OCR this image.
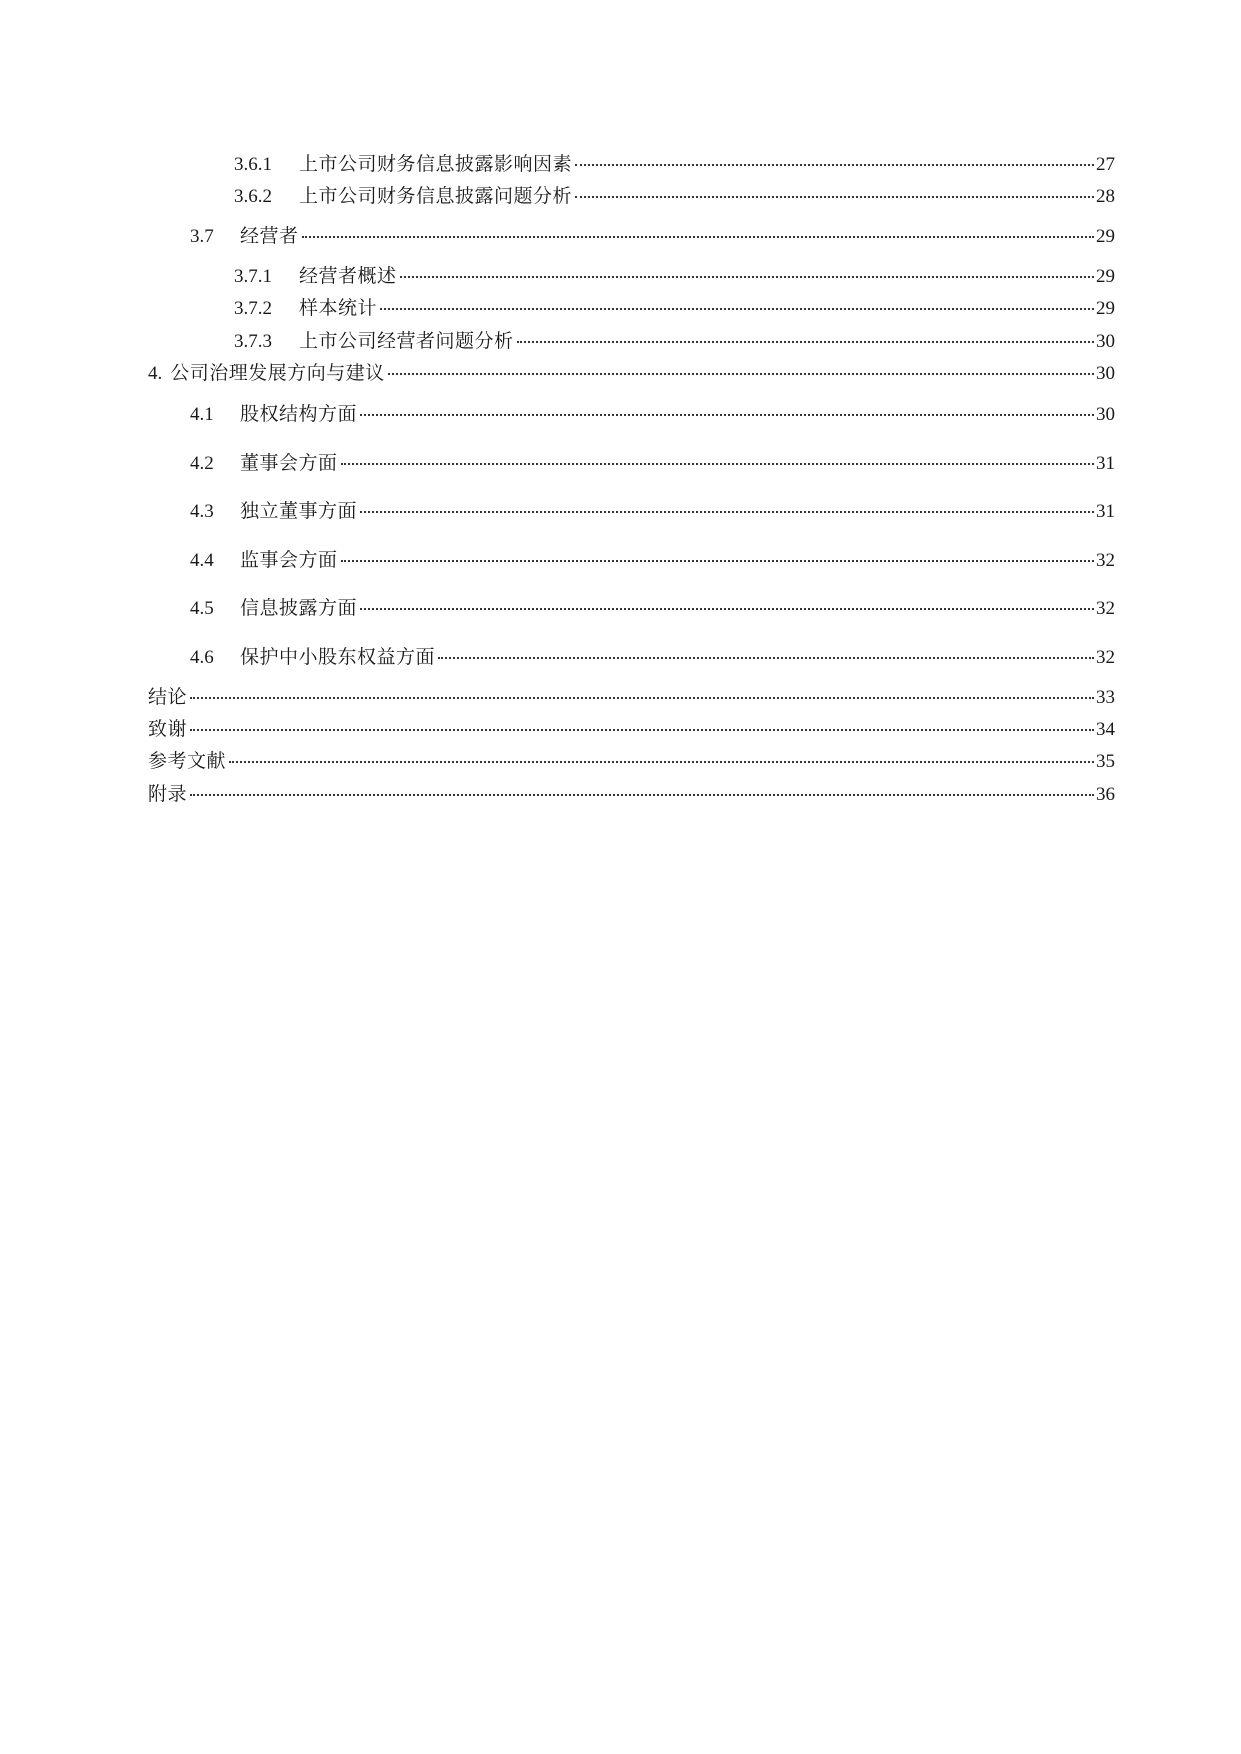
3.6.1	上市公司财务信息披露影响因素	27
3.6.2	上市公司财务信息披露问题分析	28
3.7	经营者	29
3.7.1	经营者概述	29
3.7.2	样本统计	29
3.7.3	上市公司经营者问题分析	30
4. 公司治理发展方向与建议	30
4.1	股权结构方面	30
4.2	董事会方面	31
4.3	独立董事方面	31
4.4	监事会方面	32
4.5	信息披露方面	32
4.6	保护中小股东权益方面	32
结论	33
致谢	34
参考文献	35
附录	36
